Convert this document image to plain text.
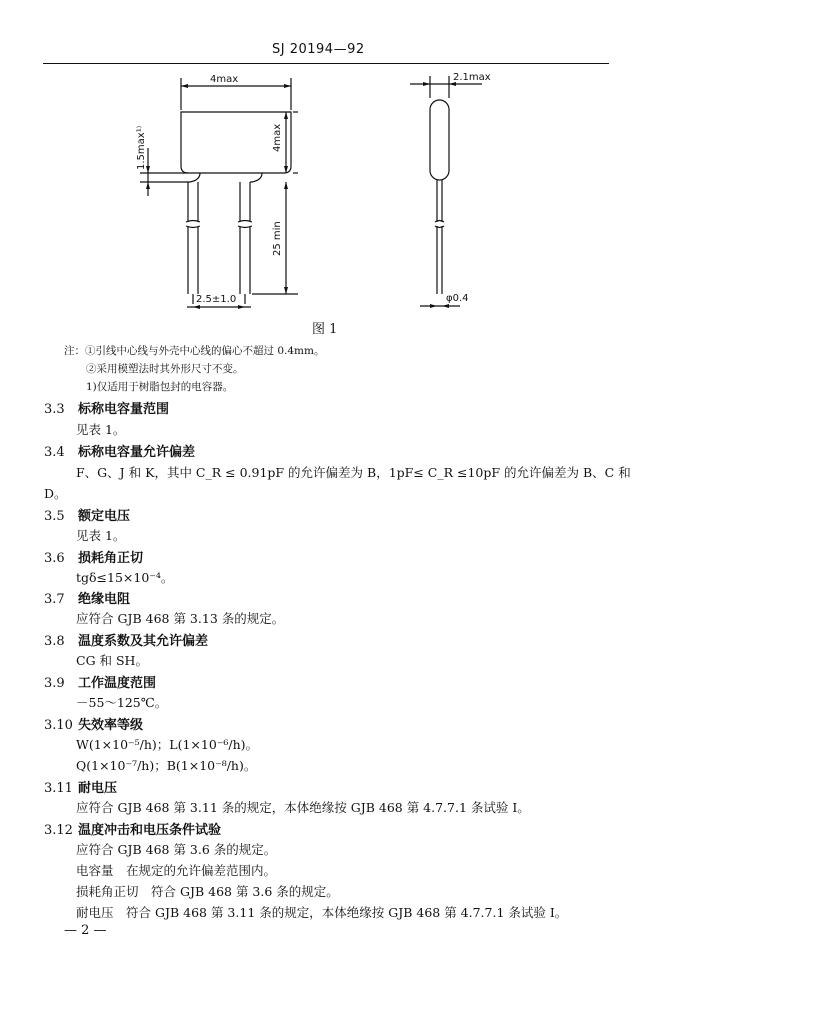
SJ 20194—92
4max
4max
1.5max¹⁾
25 min
2.5±1.0
2.1max
φ0.4
图 1
注：①引线中心线与外壳中心线的偏心不超过 0.4mm。
②采用模塑法时其外形尺寸不变。
1)仅适用于树脂包封的电容器。
3.3 标称电容量范围
见表 1。
3.4 标称电容量允许偏差
F、G、J 和 K，其中 C_R ≤ 0.91pF 的允许偏差为 B，1pF≤ C_R ≤10pF 的允许偏差为 B、C 和
D。
3.5 额定电压
见表 1。
3.6 损耗角正切
tgδ≤15×10⁻⁴。
3.7 绝缘电阻
应符合 GJB 468 第 3.13 条的规定。
3.8 温度系数及其允许偏差
CG 和 SH。
3.9 工作温度范围
－55～125℃。
3.10 失效率等级
W(1×10⁻⁵/h)；L(1×10⁻⁶/h)。
Q(1×10⁻⁷/h)；B(1×10⁻⁸/h)。
3.11 耐电压
应符合 GJB 468 第 3.11 条的规定，本体绝缘按 GJB 468 第 4.7.7.1 条试验 Ⅰ。
3.12 温度冲击和电压条件试验
应符合 GJB 468 第 3.6 条的规定。
电容量　在规定的允许偏差范围内。
损耗角正切　符合 GJB 468 第 3.6 条的规定。
耐电压　符合 GJB 468 第 3.11 条的规定，本体绝缘按 GJB 468 第 4.7.7.1 条试验 Ⅰ。
— 2 —
